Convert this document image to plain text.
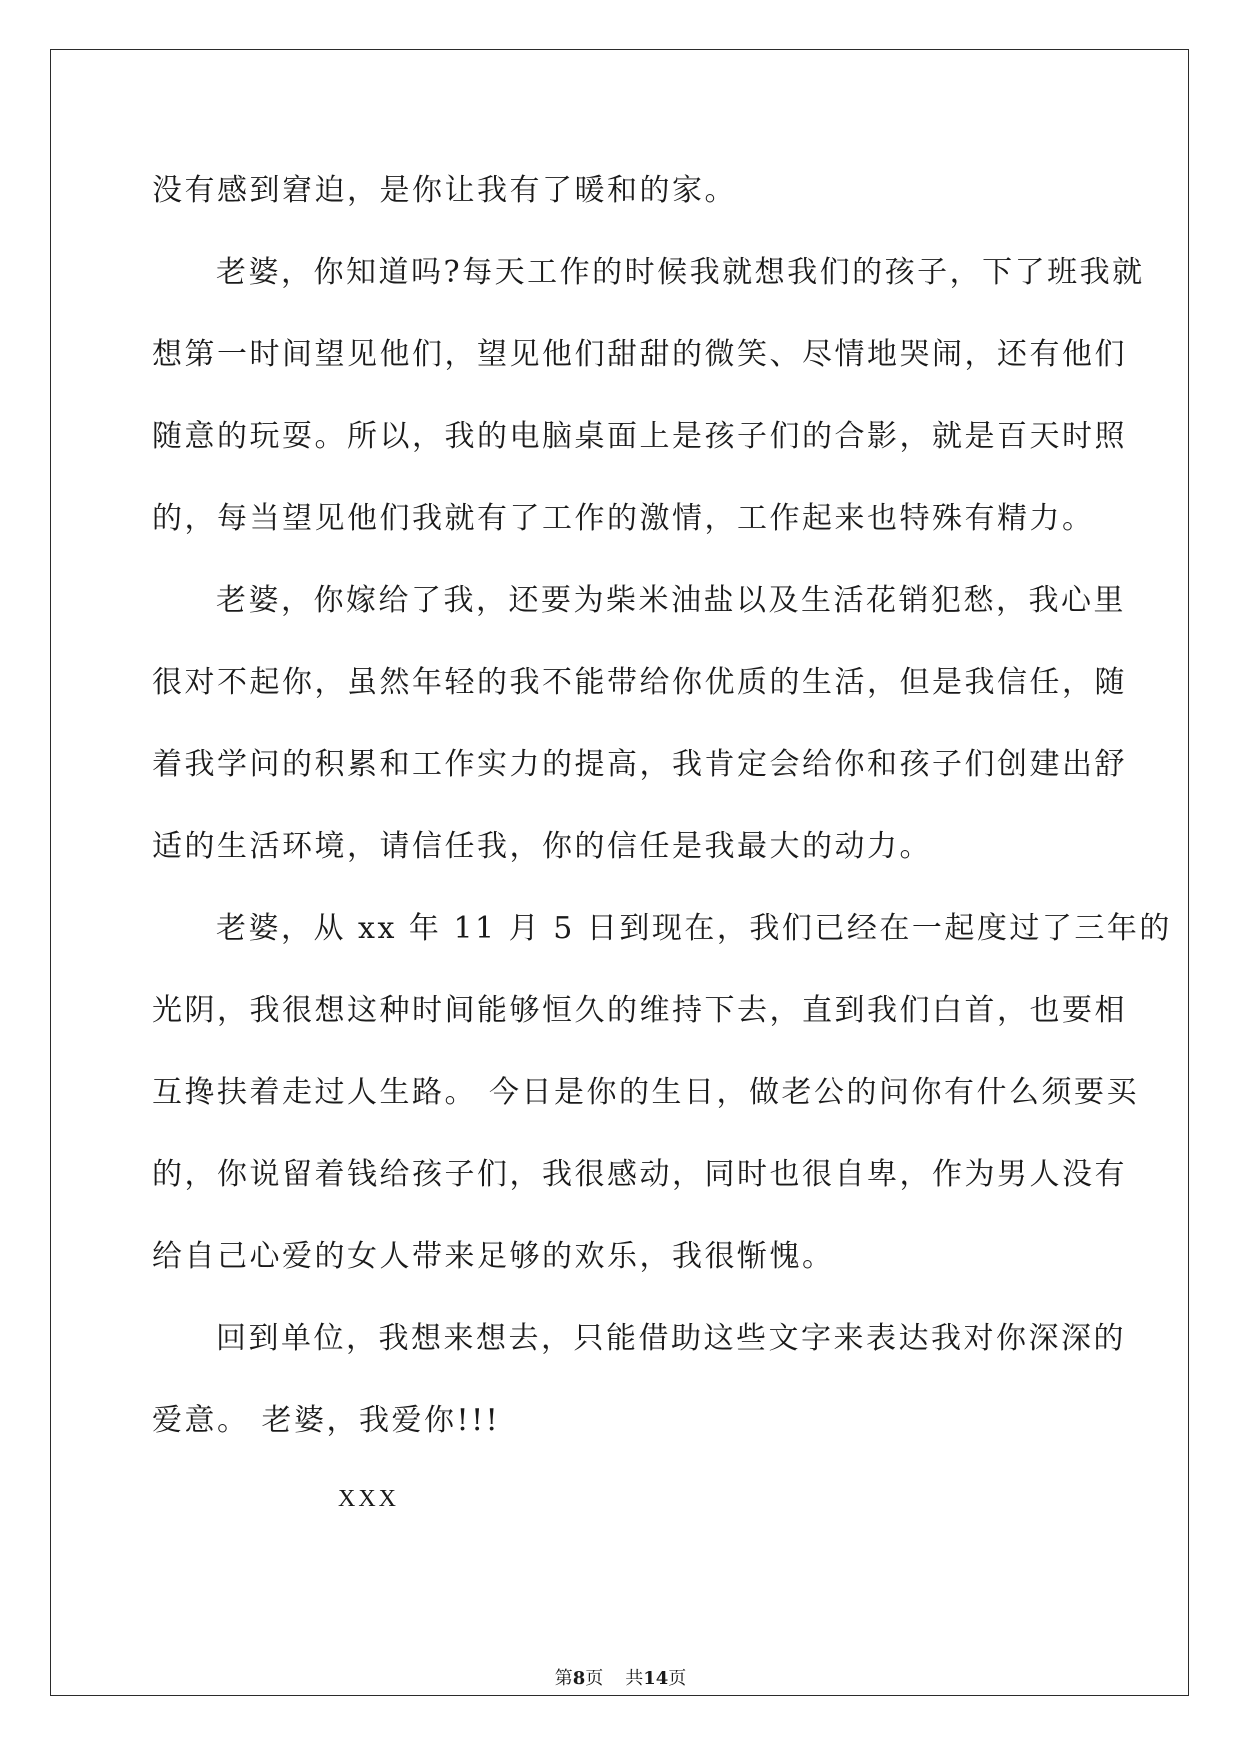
没有感到窘迫，是你让我有了暖和的家。
老婆，你知道吗?每天工作的时候我就想我们的孩子，下了班我就
想第一时间望见他们，望见他们甜甜的微笑、尽情地哭闹，还有他们
随意的玩耍。所以，我的电脑桌面上是孩子们的合影，就是百天时照
的，每当望见他们我就有了工作的激情，工作起来也特殊有精力。
老婆，你嫁给了我，还要为柴米油盐以及生活花销犯愁，我心里
很对不起你，虽然年轻的我不能带给你优质的生活，但是我信任，随
着我学问的积累和工作实力的提高，我肯定会给你和孩子们创建出舒
适的生活环境，请信任我，你的信任是我最大的动力。
老婆，从 xx 年 11 月 5 日到现在，我们已经在一起度过了三年的
光阴，我很想这种时间能够恒久的维持下去，直到我们白首，也要相
互搀扶着走过人生路。 今日是你的生日，做老公的问你有什么须要买
的，你说留着钱给孩子们，我很感动，同时也很自卑，作为男人没有
给自己心爱的女人带来足够的欢乐，我很惭愧。
回到单位，我想来想去，只能借助这些文字来表达我对你深深的
爱意。 老婆，我爱你!!!
XXX
第8页 共14页
